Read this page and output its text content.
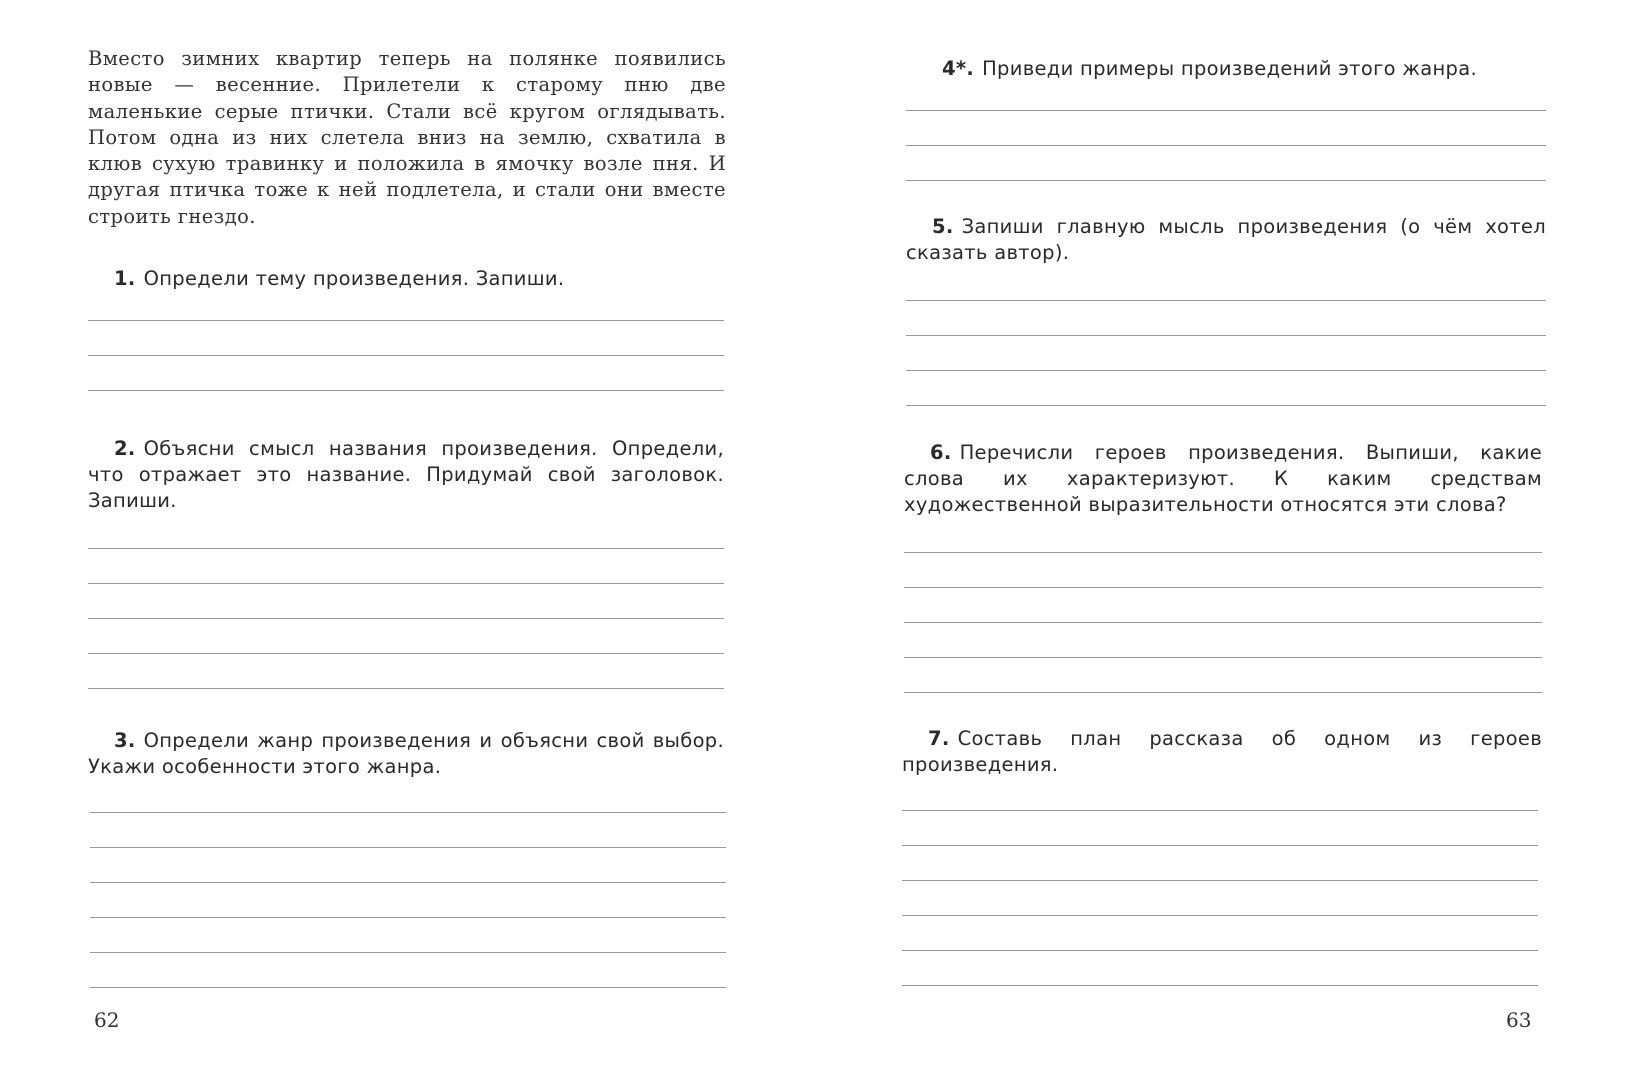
Вместо зимних квартир теперь на полянке появились новые — весенние. Прилетели к старому пню две маленькие серые птички. Стали всё кругом оглядывать. Потом одна из них слетела вниз на землю, схватила в клюв сухую травинку и положила в ямочку возле пня. И другая птичка тоже к ней подлетела, и стали они вместе строить гнездо.
1. Определи тему произведения. Запиши.
2. Объясни смысл названия произведения. Определи, что отражает это название. Придумай свой заголовок. Запиши.
3. Определи жанр произведения и объясни свой выбор. Укажи особенности этого жанра.
62
4*. Приведи примеры произведений этого жанра.
5. Запиши главную мысль произведения (о чём хотел сказать автор).
6. Перечисли героев произведения. Выпиши, какие слова их характеризуют. К каким средствам художественной выразительности относятся эти слова?
7. Составь план рассказа об одном из героев произведения.
63
